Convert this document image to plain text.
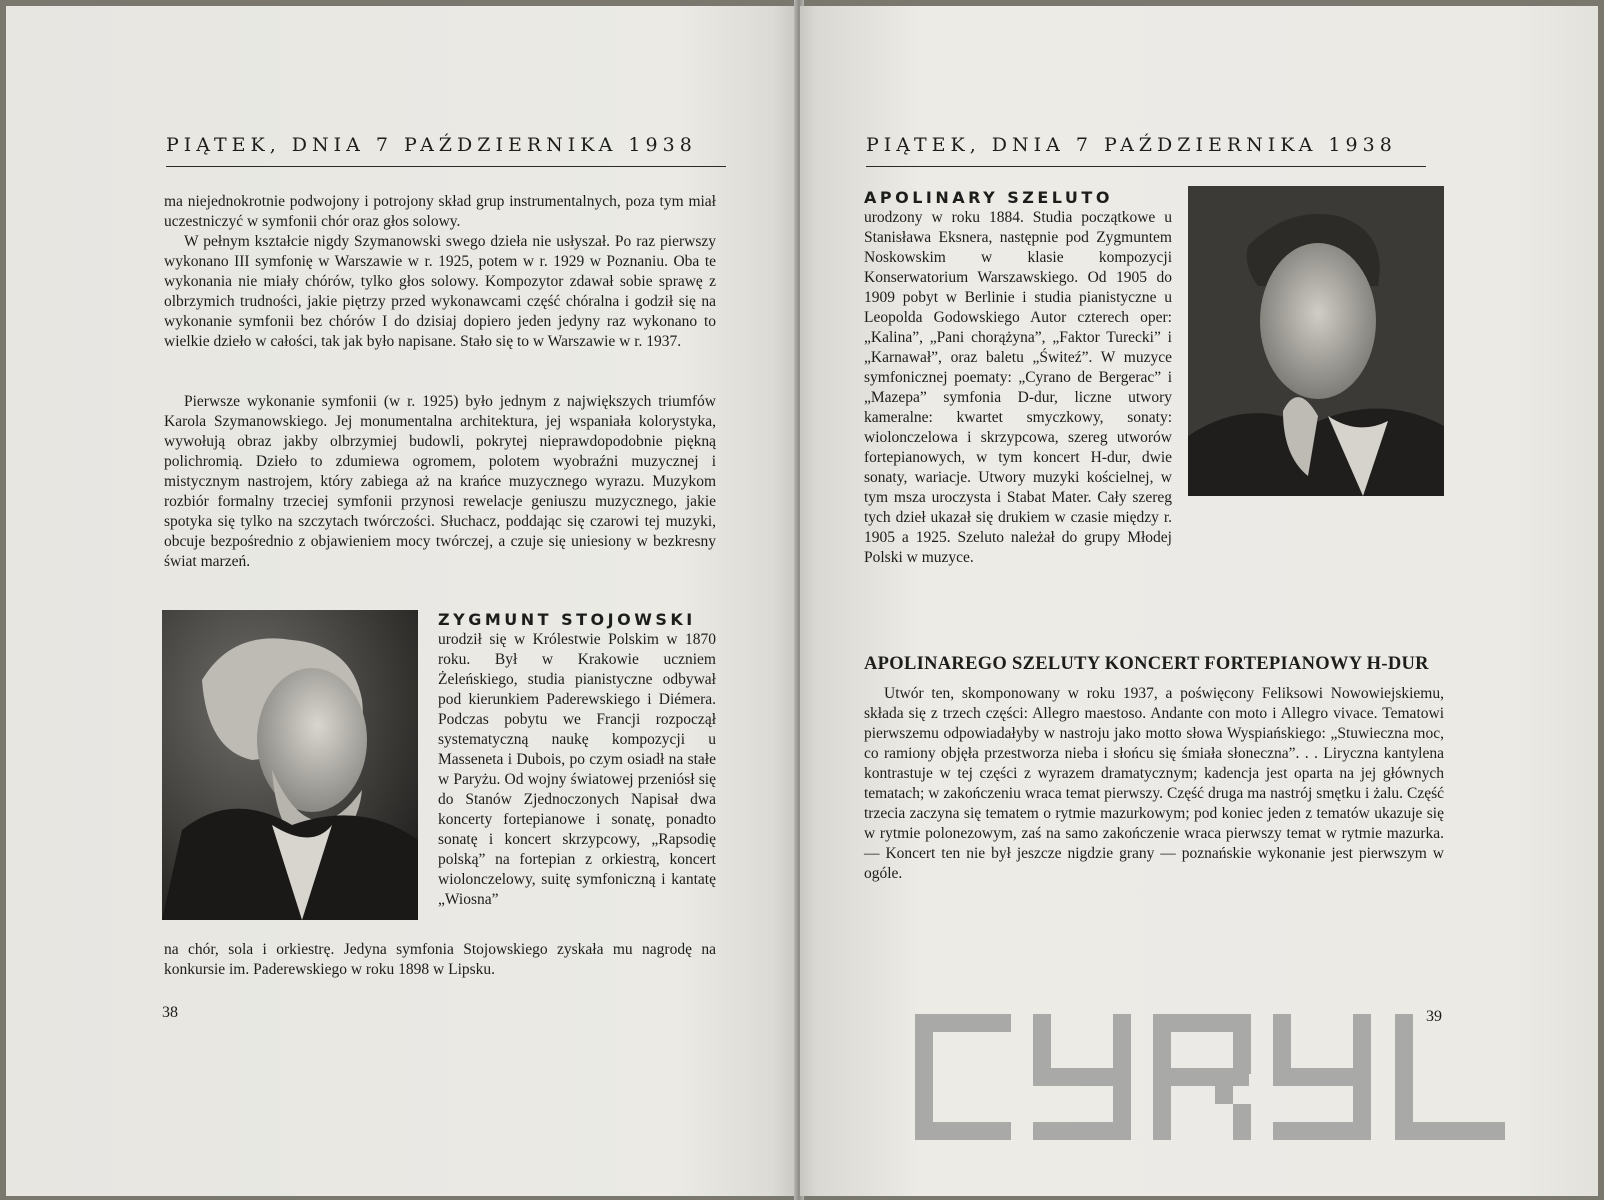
PIĄTEK, DNIA 7 PAŹDZIERNIKA 1938

ma niejednokrotnie podwojony i potrojony skład grup instrumentalnych, poza tym miał uczestniczyć w symfonii chór oraz głos solowy.

W pełnym kształcie nigdy Szymanowski swego dzieła nie usłyszał. Po raz pierwszy wykonano III symfonię w Warszawie w r. 1925, potem w r. 1929 w Poznaniu. Oba te wykonania nie miały chórów, tylko głos solowy. Kompozytor zdawał sobie sprawę z olbrzymich trudności, jakie piętrzy przed wykonawcami część chóralna i godził się na wykonanie symfonii bez chórów I do dzisiaj dopiero jeden jedyny raz wykonano to wielkie dzieło w całości, tak jak było napisane. Stało się to w Warszawie w r. 1937.

Pierwsze wykonanie symfonii (w r. 1925) było jednym z największych triumfów Karola Szymanowskiego. Jej monumentalna architektura, jej wspaniała kolorystyka, wywołują obraz jakby olbrzymiej budowli, pokrytej nieprawdopodobnie piękną polichromią. Dzieło to zdumiewa ogromem, polotem wyobraźni muzycznej i mistycznym nastrojem, który zabiega aż na krańce muzycznego wyrazu. Muzykom rozbiór formalny trzeciej symfonii przynosi rewelacje geniuszu muzycznego, jakie spotyka się tylko na szczytach twórczości. Słuchacz, poddając się czarowi tej muzyki, obcuje bezpośrednio z objawieniem mocy twórczej, a czuje się uniesiony w bezkresny świat marzeń.

ZYGMUNT STOJOWSKI

urodził się w Królestwie Polskim w 1870 roku. Był w Krakowie uczniem Żeleńskiego, studia pianistyczne odbywał pod kierunkiem Paderewskiego i Diémera. Podczas pobytu we Francji rozpoczął systematyczną naukę kompozycji u Masseneta i Dubois, po czym osiadł na stałe w Paryżu. Od wojny światowej przeniósł się do Stanów Zjednoczonych Napisał dwa koncerty fortepianowe i sonatę, ponadto sonatę i koncert skrzypcowy, „Rapsodię polską” na fortepian z orkiestrą, koncert wiolonczelowy, suitę symfoniczną i kantatę „Wiosna”

na chór, sola i orkiestrę. Jedyna symfonia Stojowskiego zyskała mu nagrodę na konkursie im. Paderewskiego w roku 1898 w Lipsku.

38
PIĄTEK, DNIA 7 PAŹDZIERNIKA 1938
APOLINARY SZELUTO

urodzony w roku 1884. Studia początkowe u Stanisława Eksnera, następnie pod Zygmuntem Noskowskim w klasie kompozycji Konserwatorium Warszawskiego. Od 1905 do 1909 pobyt w Berlinie i studia pianistyczne u Leopolda Godowskiego Autor czterech oper: „Kalina”, „Pani chorążyna”, „Faktor Turecki” i „Karnawał”, oraz baletu „Świteź”. W muzyce symfonicznej poematy: „Cyrano de Bergerac” i „Mazepa” symfonia D-dur, liczne utwory kameralne: kwartet smyczkowy, sonaty: wiolonczelowa i skrzypcowa, szereg utworów fortepianowych, w tym koncert H-dur, dwie sonaty, wariacje. Utwory muzyki kościelnej, w tym msza uroczysta i Stabat Mater. Cały szereg tych dzieł ukazał się drukiem w czasie między r. 1905 a 1925. Szeluto należał do grupy Młodej Polski w muzyce.

APOLINAREGO SZELUTY KONCERT FORTEPIANOWY H-DUR

Utwór ten, skomponowany w roku 1937, a poświęcony Feliksowi Nowowiejskiemu, składa się z trzech części: Allegro maestoso. Andante con moto i Allegro vivace. Tematowi pierwszemu odpowiadałyby w nastroju jako motto słowa Wyspiańskiego: „Stuwieczna moc, co ramiony objęła przestworza nieba i słońcu się śmiała słoneczna”. . . Liryczna kantylena kontrastuje w tej części z wyrazem dramatycznym; kadencja jest oparta na jej głównych tematach; w zakończeniu wraca temat pierwszy. Część druga ma nastrój smętku i żalu. Część trzecia zaczyna się tematem o rytmie mazurkowym; pod koniec jeden z tematów ukazuje się w rytmie polonezowym, zaś na samo zakończenie wraca pierwszy temat w rytmie mazurka. — Koncert ten nie był jeszcze nigdzie grany — poznańskie wykonanie jest pierwszym w ogóle.

39
